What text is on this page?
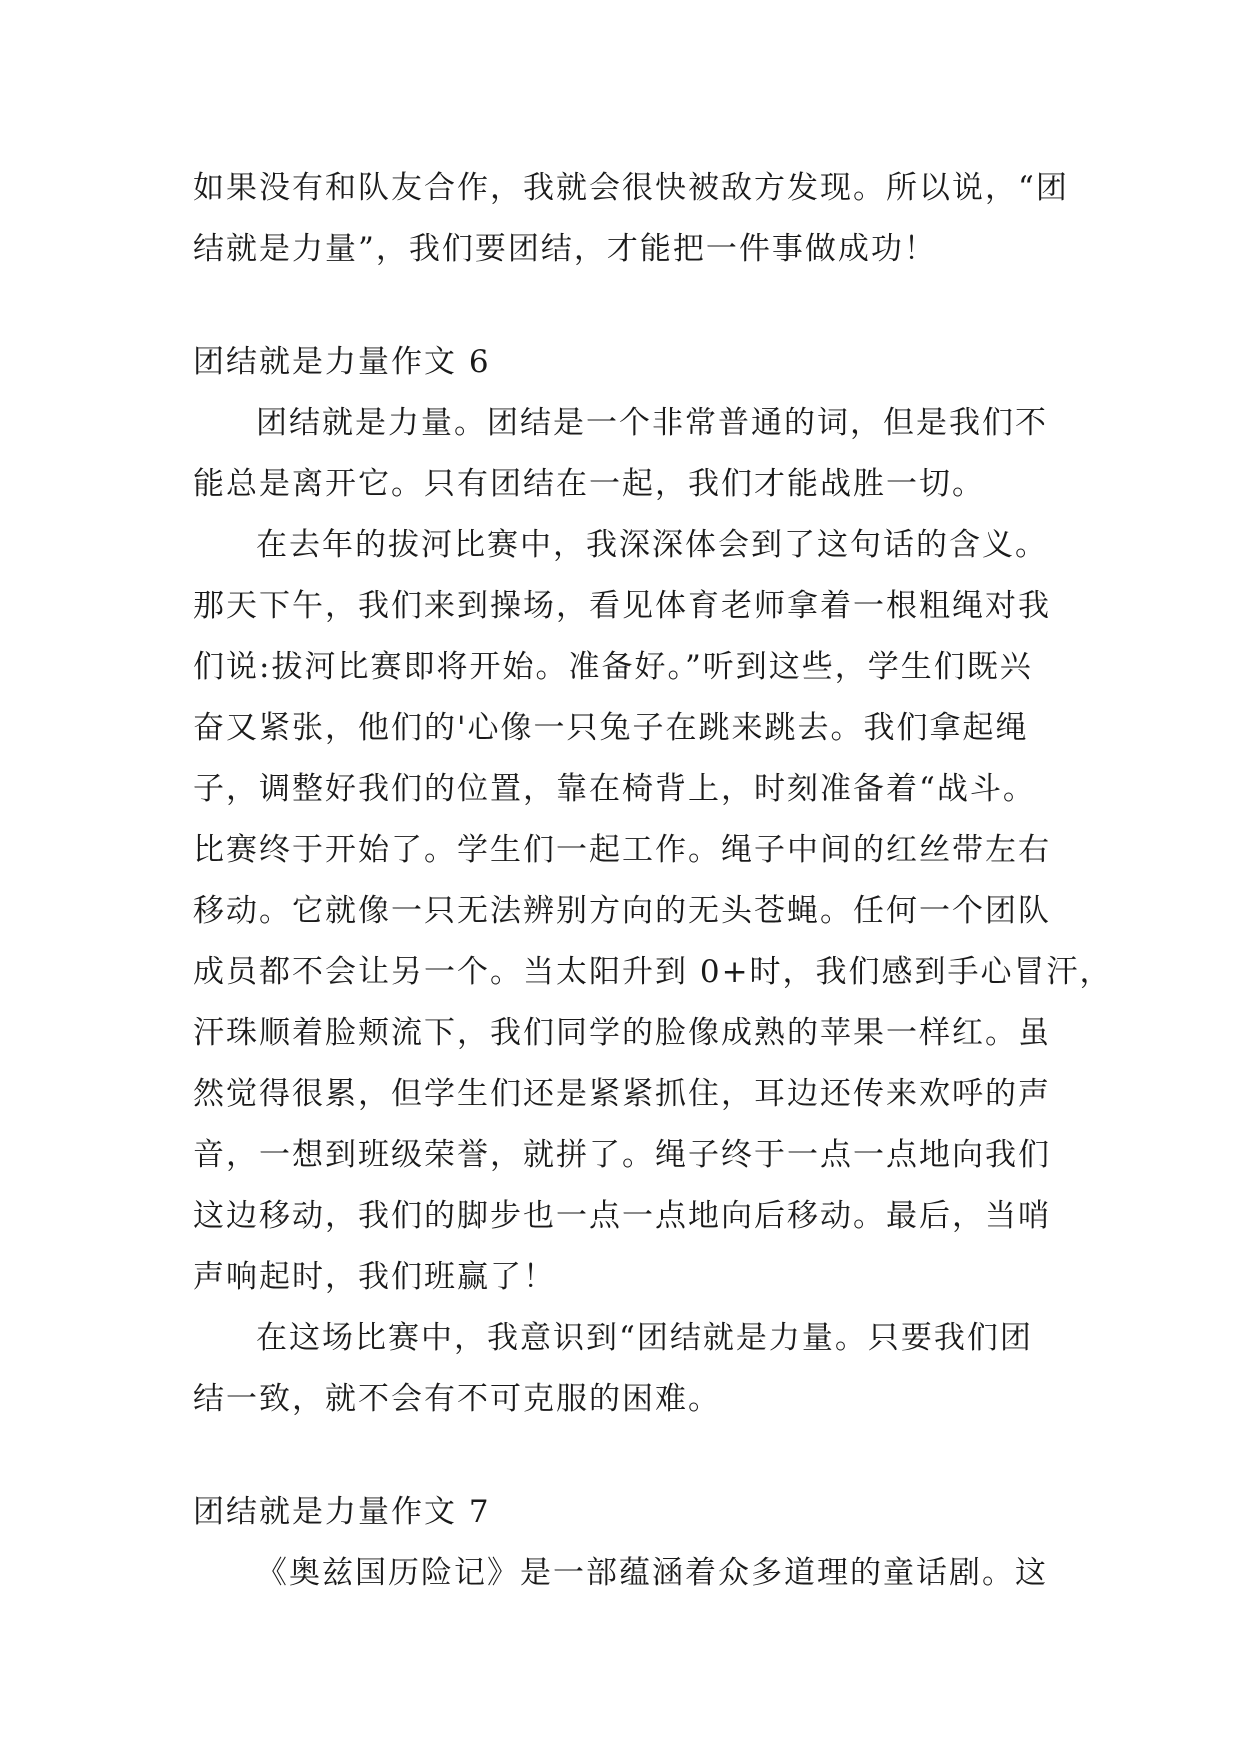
如果没有和队友合作，我就会很快被敌方发现。所以说，“团
结就是力量”，我们要团结，才能把一件事做成功！
团结就是力量作文 6
团结就是力量。团结是一个非常普通的词，但是我们不
能总是离开它。只有团结在一起，我们才能战胜一切。
在去年的拔河比赛中，我深深体会到了这句话的含义。
那天下午，我们来到操场，看见体育老师拿着一根粗绳对我
们说:拔河比赛即将开始。准备好。”听到这些，学生们既兴
奋又紧张，他们的'心像一只兔子在跳来跳去。我们拿起绳
子，调整好我们的位置，靠在椅背上，时刻准备着“战斗。
比赛终于开始了。学生们一起工作。绳子中间的红丝带左右
移动。它就像一只无法辨别方向的无头苍蝇。任何一个团队
成员都不会让另一个。当太阳升到 0+时，我们感到手心冒汗，
汗珠顺着脸颊流下，我们同学的脸像成熟的苹果一样红。虽
然觉得很累，但学生们还是紧紧抓住，耳边还传来欢呼的声
音，一想到班级荣誉，就拼了。绳子终于一点一点地向我们
这边移动，我们的脚步也一点一点地向后移动。最后，当哨
声响起时，我们班赢了！
在这场比赛中，我意识到“团结就是力量。只要我们团
结一致，就不会有不可克服的困难。
团结就是力量作文 7
《奥兹国历险记》是一部蕴涵着众多道理的童话剧。这
